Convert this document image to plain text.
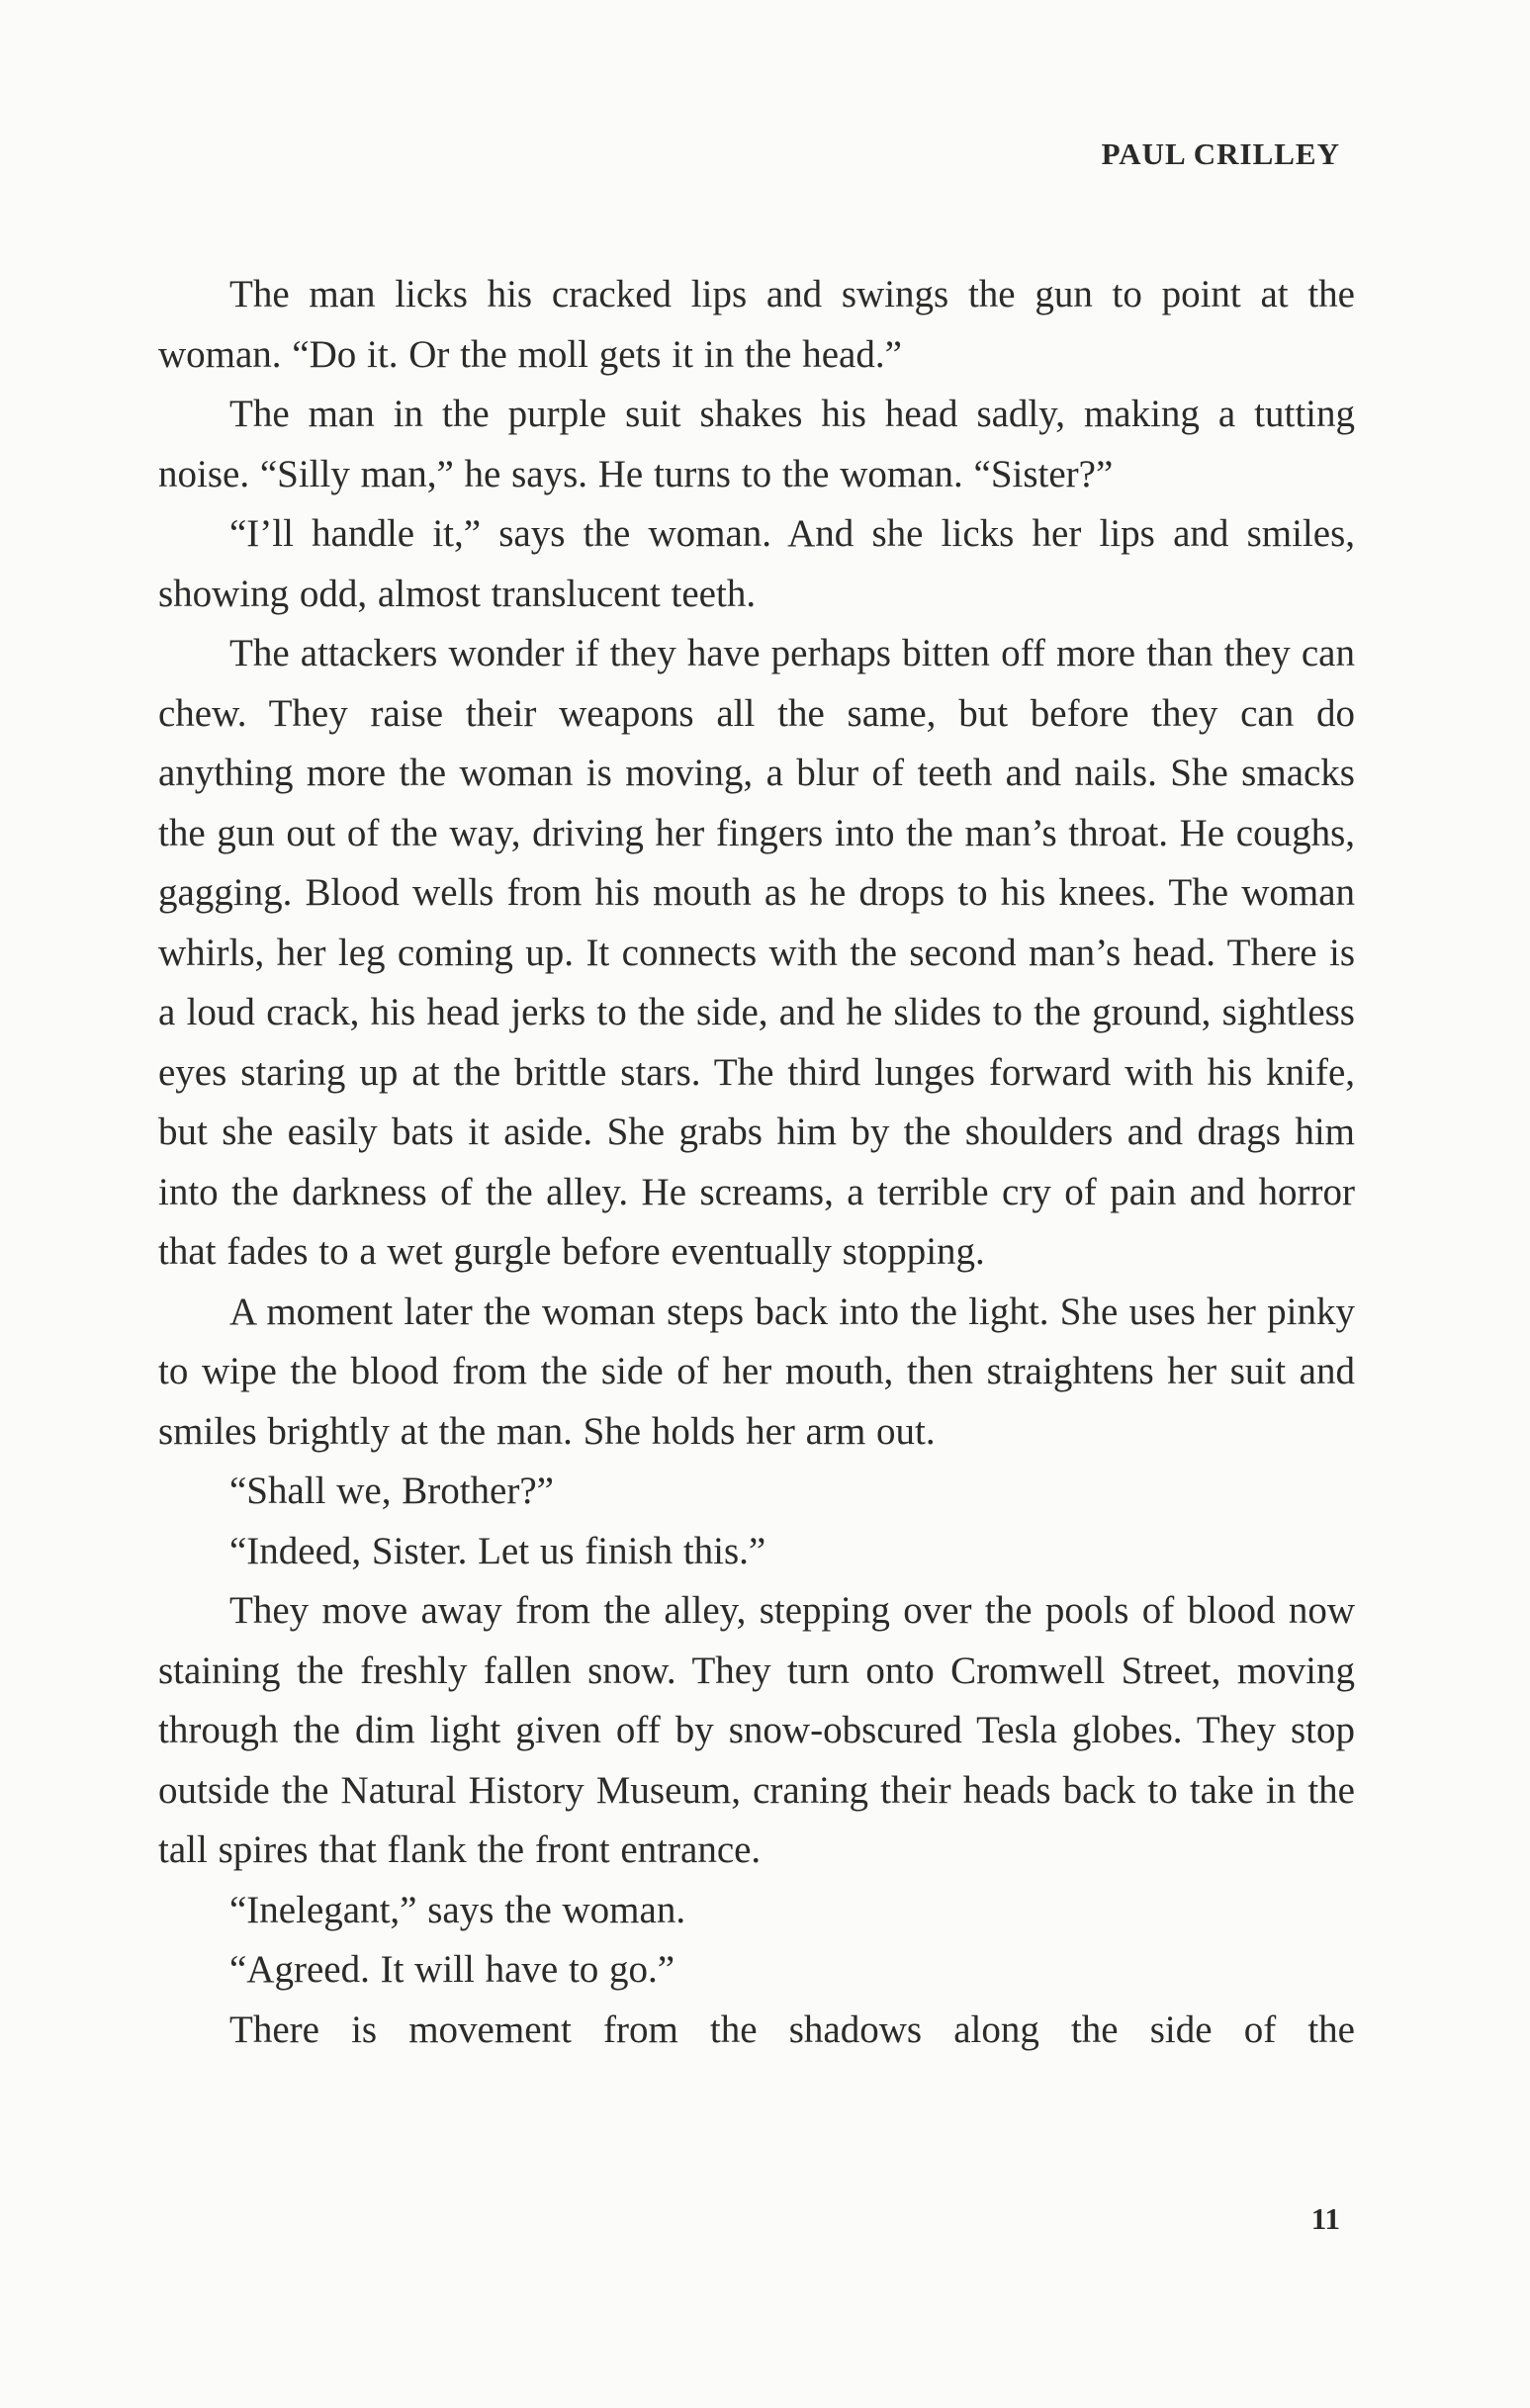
PAUL CRILLEY

The man licks his cracked lips and swings the gun to point at the woman. “Do it. Or the moll gets it in the head.”

The man in the purple suit shakes his head sadly, making a tutting noise. “Silly man,” he says. He turns to the woman. “Sister?”

“I’ll handle it,” says the woman. And she licks her lips and smiles, showing odd, almost translucent teeth.

The attackers wonder if they have perhaps bitten off more than they can chew. They raise their weapons all the same, but before they can do anything more the woman is moving, a blur of teeth and nails. She smacks the gun out of the way, driving her fingers into the man’s throat. He coughs, gagging. Blood wells from his mouth as he drops to his knees. The woman whirls, her leg coming up. It connects with the second man’s head. There is a loud crack, his head jerks to the side, and he slides to the ground, sightless eyes staring up at the brittle stars. The third lunges forward with his knife, but she easily bats it aside. She grabs him by the shoulders and drags him into the darkness of the alley. He screams, a terrible cry of pain and horror that fades to a wet gurgle before eventually stopping.

A moment later the woman steps back into the light. She uses her pinky to wipe the blood from the side of her mouth, then straightens her suit and smiles brightly at the man. She holds her arm out.

“Shall we, Brother?”

“Indeed, Sister. Let us finish this.”

They move away from the alley, stepping over the pools of blood now staining the freshly fallen snow. They turn onto Cromwell Street, moving through the dim light given off by snow-obscured Tesla globes. They stop outside the Natural History Museum, craning their heads back to take in the tall spires that flank the front entrance.

“Inelegant,” says the woman.

“Agreed. It will have to go.”

There is movement from the shadows along the side of the

11
